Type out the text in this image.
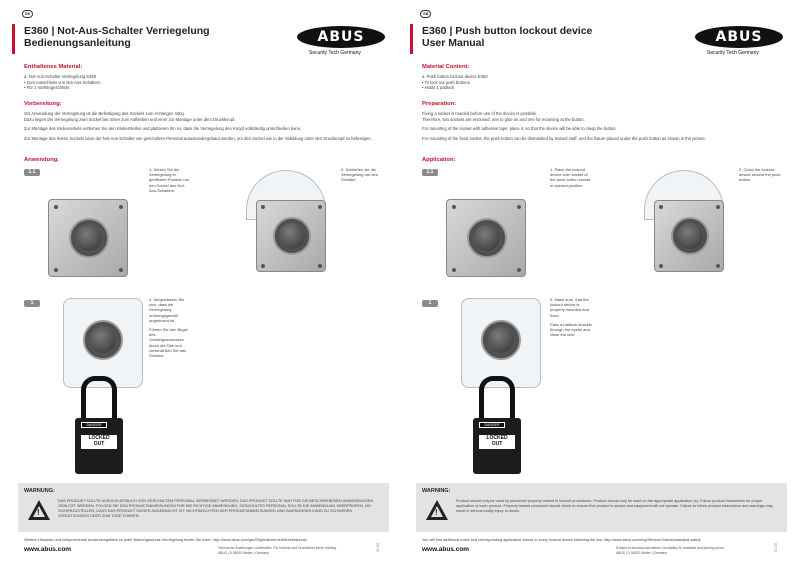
DE
E360 | Not-Aus-Schalter Verriegelung
Bedienungsanleitung	ABUS
Security Tech Germany
Enthaltenes Material:
a. Not-Aus-Schalter Verriegelung E360
• Zum Ausschluss von Not-Aus-Schaltern
• Für 1 Vorhängeschloss
Vorbereitung:
Vor Anwendung der Verriegelung ist die Befestigung des Sockels zum Anhängen nötig.
Dazu liegen der Verriegelung zwei Sockel bei: Einer zum Aufkleben und einer zur Montage unter dem Druckknopf.
Zur Montage des Klebesockels entfernen Sie den Klebestreifen und platzieren ihn so, dass die Verriegelung den Knopf vollständig umschließen kann.
Zur Montage des festen Sockels kann der Not-Aus-Schalter von geschultem Personal auseinandergebaut werden, um den Sockel wie in der Abbildung unter den Druckknopf zu befestigen.
Anwendung:
1.1	1. Setzen Sie die Verriegelung in geöffneter Position um den Sockel des Not-Aus-Schalters.
2. Schließen sie die Verriegelung um den Schalter.
1
DANGER
LOCKED
OUT
3. Vergewissern Sie sich, dass die Verriegelung ordnungsgemäß angebracht ist.
Führen Sie den Bügel des Vorhängeschlosses durch die Öse und verschließen Sie das Schloss.
WARNUNG:
!
DAS PRODUKT SOLLTE AUSSCHLIESSLICH VON GESCHULTEM PERSONAL VERWENDET WERDEN. DAS PRODUKT SOLLTE NUR FÜR DIE BESCHRIEBENEN ANWENDUNGEN GENUTZT WERDEN. FOLGEN SIE DEN PRODUKTANWEISUNGEN FÜR DIE RICHTIGE ANWENDUNG. GESCHULTES PERSONAL SOLLTE DIE ANWENDUNG ÜBERPRÜFEN, UM SICHERZUSTELLEN, DASS DAS PRODUKT SICHER ANGEBRACHT IST. NICHTBEACHTEN DER PRODUKTANWEISUNGEN UND WARNUNGEN KANN ZU SCHWEREN VERLETZUNGEN ODER ZUM TODE FÜHREN.
Weitere Hinweise und entsprechende Anwendungsfilme zu jeder Wartungsschutz-Verriegelung finden Sie unter: http://www.abus.com/ger/Objektsicherheit/Arbeitsschutz.
www.abus.com	Technische Änderungen vorbehalten. Für Irrtümer und Druckfehler keine Haftung.
ABUS | D 58292 Wetter | Germany
V1 03
GB
E360 | Push button lockout device
User Manual	ABUS
Security Tech Germany
Material Content:
a. Push button lockout device E360
• To lock out push buttons
• Holds 1 padlock
Preparation:
Fixing a socket is needed before use of the device is possible.
Therefore, two sockets are enclosed: one to glue on and one for mounting at the button.
For mounting of the socket with adhesive tape, place it, so that the device will be able to clasp the button.
For mounting of the fixed socket, the push button can be dismantled by trained staff, and the fixture placed under the push button as shown in the picture.
Application:
1.1	1. Place the lockout device over socket of the push button socket in opened position.
2. Close the lockout device around the push button.
1
DANGER
LOCKED
OUT
3. Make sure, that the lockout device is properly mounted and fixed.
Pass a padlock shackle through the eyelet and close the lock.
WARNING:
!
Product should only be used by personnel properly trained in lockout procedures. Product should only be used on the appropriate application (s). Follow product instructions for proper application of each product. Properly trained personnel should check to ensure that product is secure and equipment will not operate. Failure to follow product instructions and warnings may result in serious bodily injury or death.
You will find additional notes and corresponding application videos to every lockout device following the link: http://www.abus.com/eng/Service/Videos/Industrial-safety
www.abus.com	Subject to technical alterations. No liability for mistakes and printing errors.
ABUS | D 58292 Wetter | Germany
V1 03
